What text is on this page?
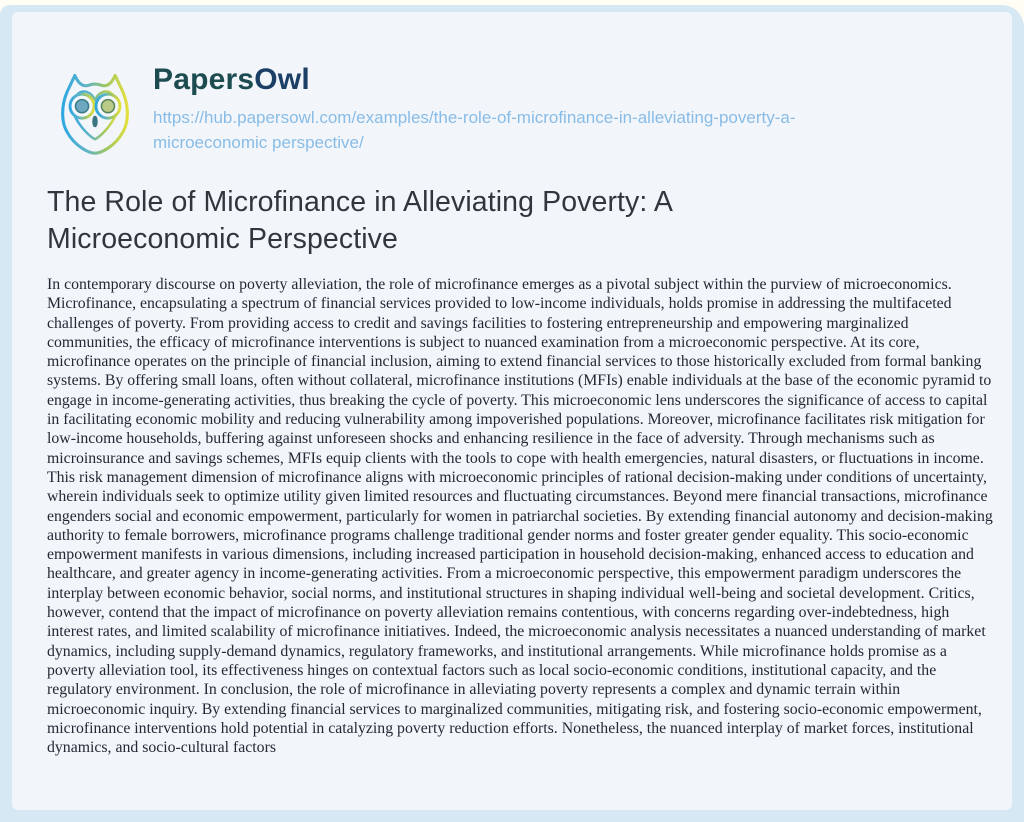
PapersOwl
https://hub.papersowl.com/examples/the-role-of-microfinance-in-alleviating-poverty-a-microeconomic perspective/
The Role of Microfinance in Alleviating Poverty: A Microeconomic Perspective

In contemporary discourse on poverty alleviation, the role of microfinance emerges as a pivotal subject within the purview of microeconomics. Microfinance, encapsulating a spectrum of financial services provided to low-income individuals, holds promise in addressing the multifaceted challenges of poverty. From providing access to credit and savings facilities to fostering entrepreneurship and empowering marginalized communities, the efficacy of microfinance interventions is subject to nuanced examination from a microeconomic perspective. At its core, microfinance operates on the principle of financial inclusion, aiming to extend financial services to those historically excluded from formal banking systems. By offering small loans, often without collateral, microfinance institutions (MFIs) enable individuals at the base of the economic pyramid to engage in income-generating activities, thus breaking the cycle of poverty. This microeconomic lens underscores the significance of access to capital in facilitating economic mobility and reducing vulnerability among impoverished populations. Moreover, microfinance facilitates risk mitigation for low-income households, buffering against unforeseen shocks and enhancing resilience in the face of adversity. Through mechanisms such as microinsurance and savings schemes, MFIs equip clients with the tools to cope with health emergencies, natural disasters, or fluctuations in income. This risk management dimension of microfinance aligns with microeconomic principles of rational decision-making under conditions of uncertainty, wherein individuals seek to optimize utility given limited resources and fluctuating circumstances. Beyond mere financial transactions, microfinance engenders social and economic empowerment, particularly for women in patriarchal societies. By extending financial autonomy and decision-making authority to female borrowers, microfinance programs challenge traditional gender norms and foster greater gender equality. This socio-economic empowerment manifests in various dimensions, including increased participation in household decision-making, enhanced access to education and healthcare, and greater agency in income-generating activities. From a microeconomic perspective, this empowerment paradigm underscores the interplay between economic behavior, social norms, and institutional structures in shaping individual well-being and societal development. Critics, however, contend that the impact of microfinance on poverty alleviation remains contentious, with concerns regarding over-indebtedness, high interest rates, and limited scalability of microfinance initiatives. Indeed, the microeconomic analysis necessitates a nuanced understanding of market dynamics, including supply-demand dynamics, regulatory frameworks, and institutional arrangements. While microfinance holds promise as a poverty alleviation tool, its effectiveness hinges on contextual factors such as local socio-economic conditions, institutional capacity, and the regulatory environment. In conclusion, the role of microfinance in alleviating poverty represents a complex and dynamic terrain within microeconomic inquiry. By extending financial services to marginalized communities, mitigating risk, and fostering socio-economic empowerment, microfinance interventions hold potential in catalyzing poverty reduction efforts. Nonetheless, the nuanced interplay of market forces, institutional dynamics, and socio-cultural factors
